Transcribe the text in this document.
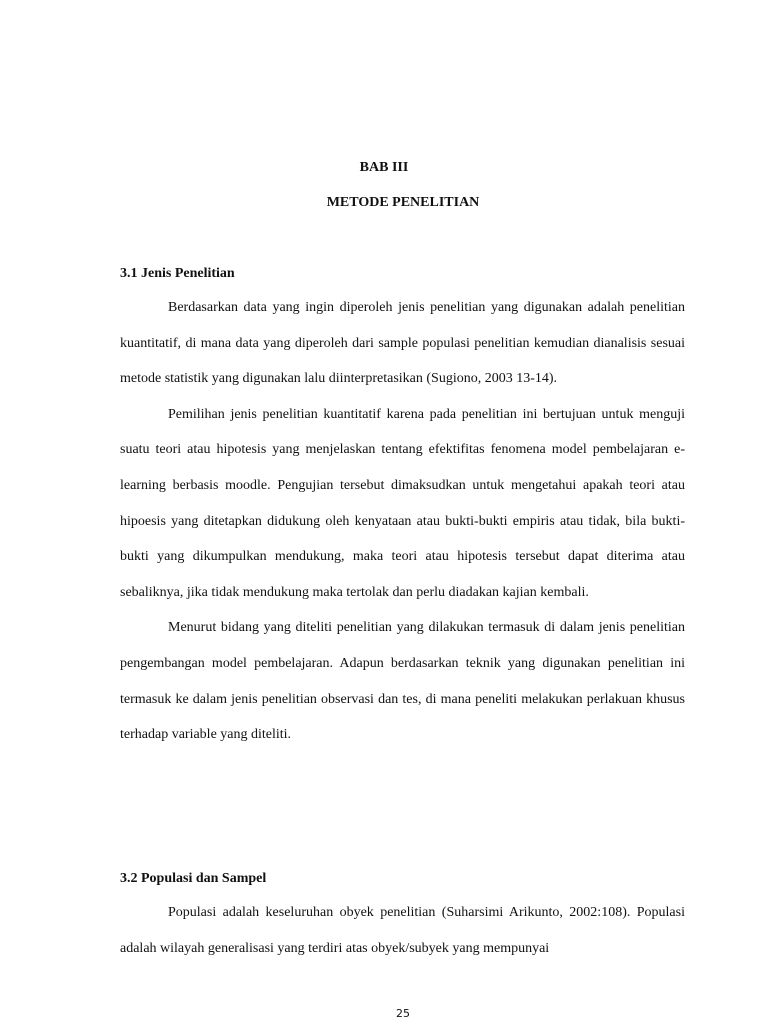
BAB III
METODE PENELITIAN
3.1 Jenis Penelitian

Berdasarkan data yang ingin diperoleh jenis penelitian yang digunakan adalah penelitian kuantitatif, di mana data yang diperoleh dari sample populasi penelitian kemudian dianalisis sesuai metode statistik yang digunakan lalu diinterpretasikan (Sugiono, 2003 13-14).

Pemilihan jenis penelitian kuantitatif karena pada penelitian ini bertujuan untuk menguji suatu teori atau hipotesis yang menjelaskan tentang efektifitas fenomena model pembelajaran e-learning berbasis moodle. Pengujian tersebut dimaksudkan untuk mengetahui apakah teori atau hipoesis yang ditetapkan didukung oleh kenyataan atau bukti-bukti empiris atau tidak, bila bukti-bukti yang dikumpulkan mendukung, maka teori atau hipotesis tersebut dapat diterima atau sebaliknya, jika tidak mendukung maka tertolak dan perlu diadakan kajian kembali.

Menurut bidang yang diteliti penelitian yang dilakukan termasuk di dalam jenis penelitian pengembangan model pembelajaran. Adapun berdasarkan teknik yang digunakan penelitian ini termasuk ke dalam jenis penelitian observasi dan tes, di mana peneliti melakukan perlakuan khusus terhadap variable yang diteliti.

3.2 Populasi dan Sampel

Populasi adalah keseluruhan obyek penelitian (Suharsimi Arikunto, 2002:108). Populasi adalah wilayah generalisasi yang terdiri atas obyek/subyek yang mempunyai

25
